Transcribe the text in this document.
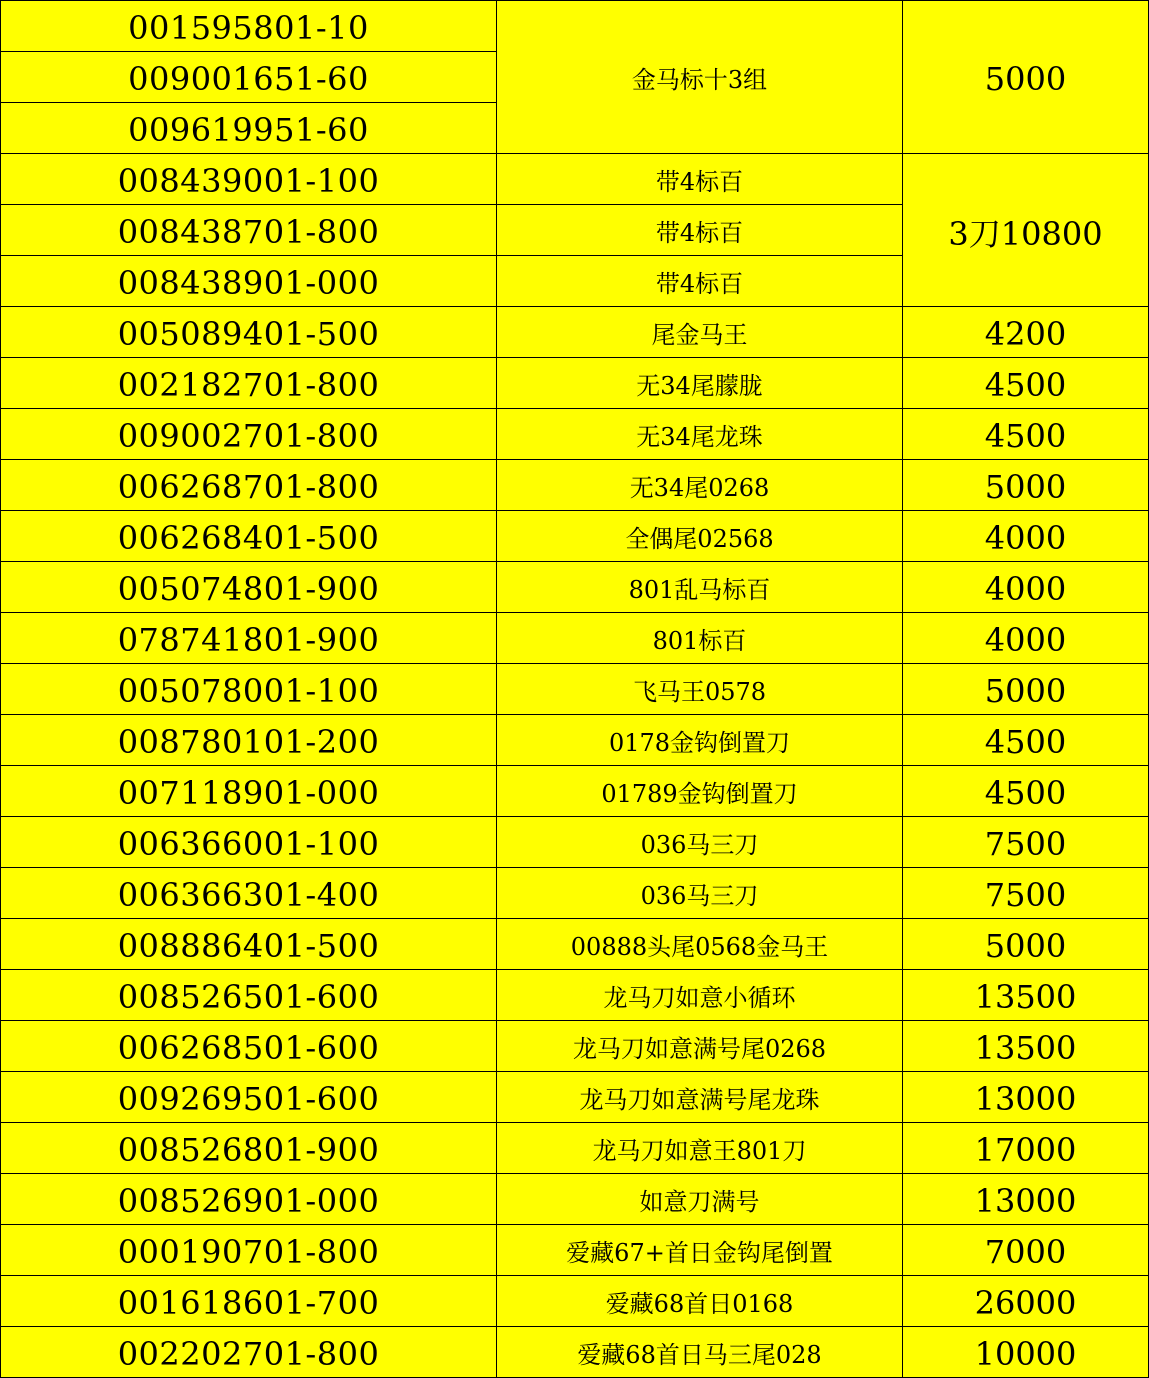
001595801-10	金马标十3组	5000
009001651-60		
009619951-60		
008439001-100	带4标百	3刀10800
008438701-800	带4标百	
008438901-000	带4标百	
005089401-500	尾金马王	4200
002182701-800	无34尾朦胧	4500
009002701-800	无34尾龙珠	4500
006268701-800	无34尾0268	5000
006268401-500	全偶尾02568	4000
005074801-900	801乱马标百	4000
078741801-900	801标百	4000
005078001-100	飞马王0578	5000
008780101-200	0178金钩倒置刀	4500
007118901-000	01789金钩倒置刀	4500
006366001-100	036马三刀	7500
006366301-400	036马三刀	7500
008886401-500	00888头尾0568金马王	5000
008526501-600	龙马刀如意小循环	13500
006268501-600	龙马刀如意满号尾0268	13500
009269501-600	龙马刀如意满号尾龙珠	13000
008526801-900	龙马刀如意王801刀	17000
008526901-000	如意刀满号	13000
000190701-800	爱藏67+首日金钩尾倒置	7000
001618601-700	爱藏68首日0168	26000
002202701-800	爱藏68首日马三尾028	10000
